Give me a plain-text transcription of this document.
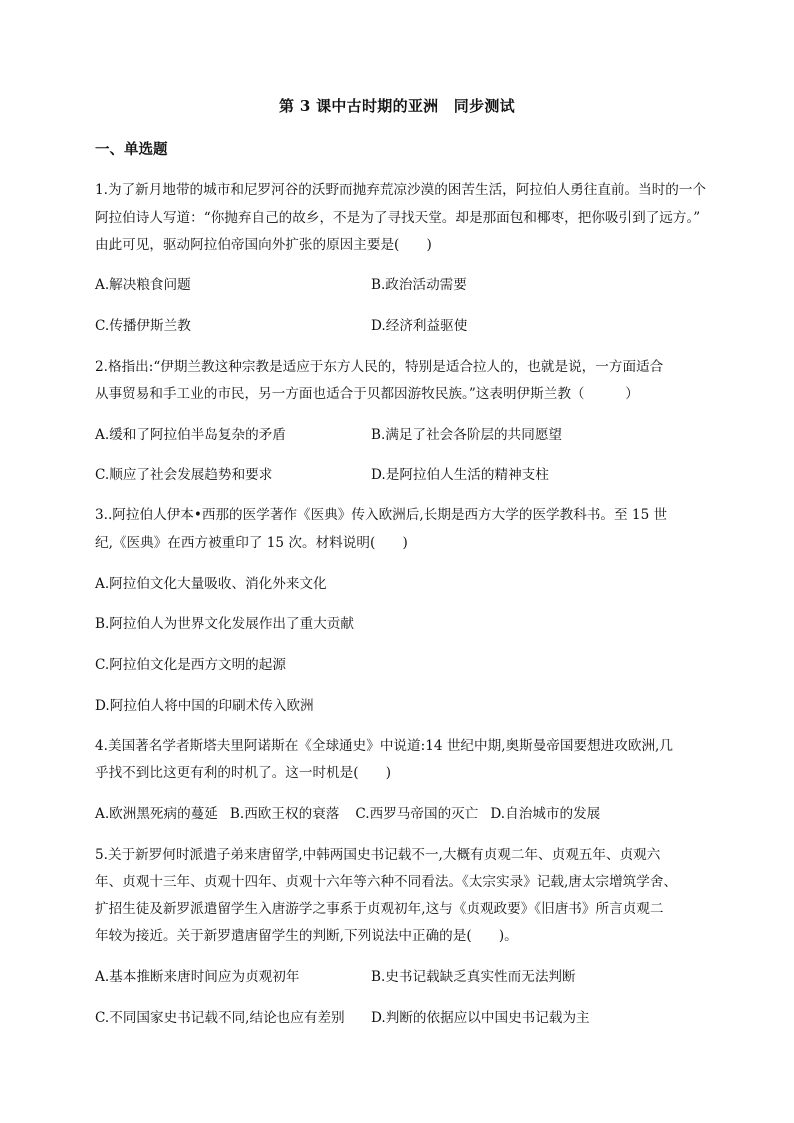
第 3 课中古时期的亚洲　同步测试
一、单选题
1.为了新月地带的城市和尼罗河谷的沃野而抛弃荒凉沙漠的困苦生活，阿拉伯人勇往直前。当时的一个
阿拉伯诗人写道：“你抛弃自己的故乡，不是为了寻找天堂。却是那面包和椰枣，把你吸引到了远方。”
由此可见，驱动阿拉伯帝国向外扩张的原因主要是(　　)
A.解决粮食问题	B.政治活动需要
C.传播伊斯兰教	D.经济利益驱使
2.格指出:“伊期兰教这种宗教是适应于东方人民的，特别是适合拉人的，也就是说，一方面适合
从事贸易和手工业的市民，另一方面也适合于贝都因游牧民族。”这表明伊斯兰教（　　　）
A.缓和了阿拉伯半岛复杂的矛盾	B.满足了社会各阶层的共同愿望
C.顺应了社会发展趋势和要求	D.是阿拉伯人生活的精神支柱
3..阿拉伯人伊本•西那的医学著作《医典》传入欧洲后,长期是西方大学的医学教科书。至 15 世
纪,《医典》在西方被重印了 15 次。材料说明(　　)
A.阿拉伯文化大量吸收、消化外来文化
B.阿拉伯人为世界文化发展作出了重大贡献
C.阿拉伯文化是西方文明的起源
D.阿拉伯人将中国的印刷术传入欧洲
4.美国著名学者斯塔夫里阿诺斯在《全球通史》中说道:14 世纪中期,奥斯曼帝国要想进攻欧洲,几
乎找不到比这更有利的时机了。这一时机是(　　)
A.欧洲黑死病的蔓延 B.西欧王权的衰落 C.西罗马帝国的灭亡 D.自治城市的发展
5.关于新罗何时派遣子弟来唐留学,中韩两国史书记载不一,大概有贞观二年、贞观五年、贞观六
年、贞观十三年、贞观十四年、贞观十六年等六种不同看法。《太宗实录》记载,唐太宗增筑学舍、
扩招生徒及新罗派遣留学生入唐游学之事系于贞观初年,这与《贞观政要》《旧唐书》所言贞观二
年较为接近。关于新罗遣唐留学生的判断,下列说法中正确的是(　　)。
A.基本推断来唐时间应为贞观初年	B.史书记载缺乏真实性而无法判断
C.不同国家史书记载不同,结论也应有差别 D.判断的依据应以中国史书记载为主
